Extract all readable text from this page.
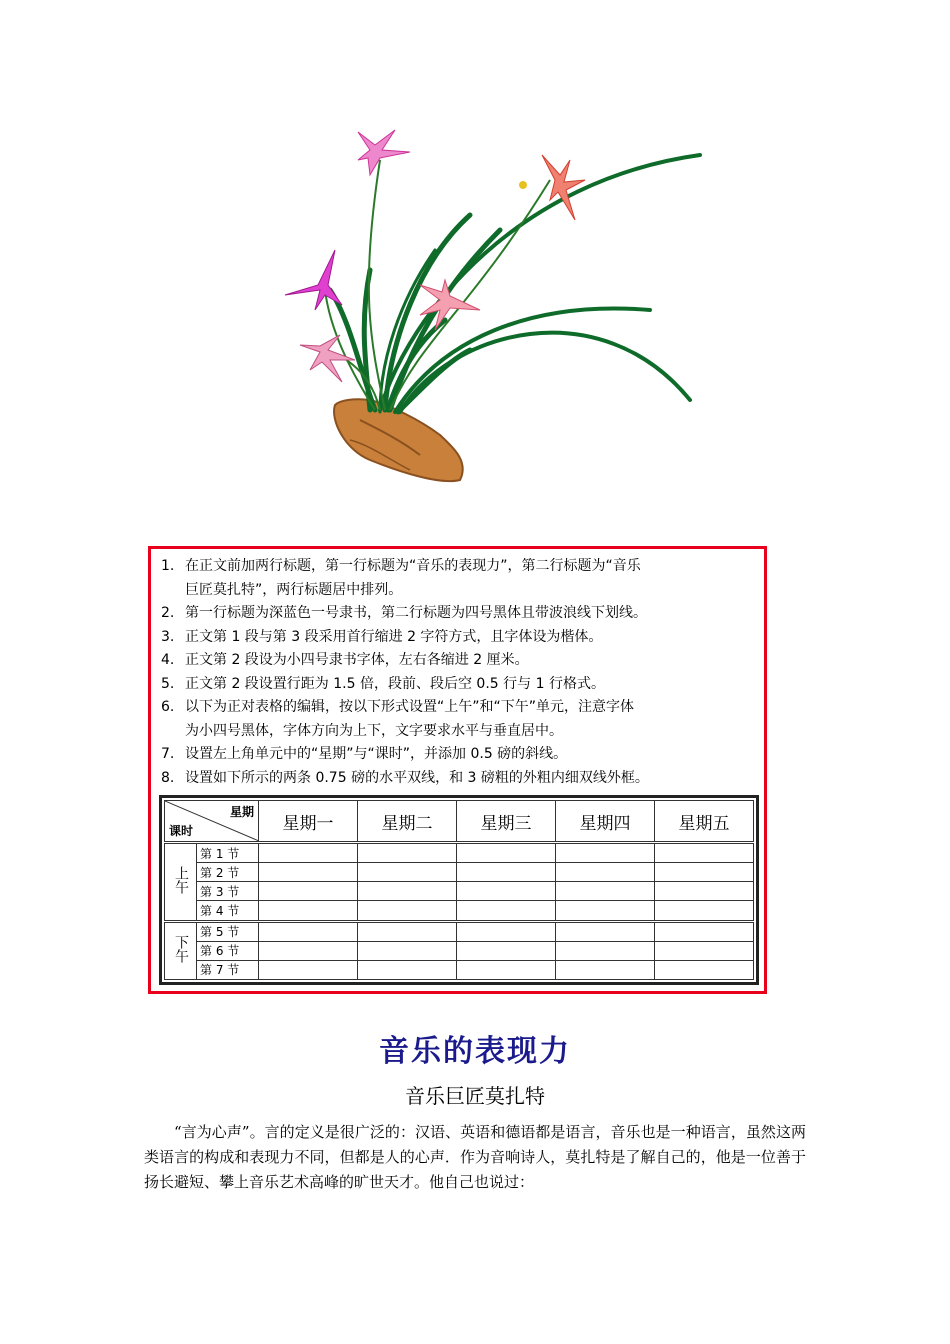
1. 在正文前加两行标题，第一行标题为“音乐的表现力”，第二行标题为“音乐
巨匠莫扎特”，两行标题居中排列。
2. 第一行标题为深蓝色一号隶书，第二行标题为四号黑体且带波浪线下划线。
3. 正文第 1 段与第 3 段采用首行缩进 2 字符方式，且字体设为楷体。
4. 正文第 2 段设为小四号隶书字体，左右各缩进 2 厘米。
5. 正文第 2 段设置行距为 1.5 倍，段前、段后空 0.5 行与 1 行格式。
6. 以下为正对表格的编辑，按以下形式设置“上午”和“下午”单元，注意字体
为小四号黑体，字体方向为上下，文字要求水平与垂直居中。
7. 设置左上角单元中的“星期”与“课时”，并添加 0.5 磅的斜线。
8. 设置如下所示的两条 0.75 磅的水平双线，和 3 磅粗的外粗内细双线外框。
星期
课时		星期一	星期二	星期三	星期四	星期五
上午	第 1 节					
	第 2 节					
	第 3 节					
	第 4 节					
下午	第 5 节					
	第 6 节					
	第 7 节					
音乐的表现力
音乐巨匠莫扎特

“言为心声”。言的定义是很广泛的：汉语、英语和德语都是语言，音乐也是一种语言，虽然这两类语言的构成和表现力不同，但都是人的心声．作为音响诗人，莫扎特是了解自己的，他是一位善于扬长避短、攀上音乐艺术高峰的旷世天才。他自己也说过：
